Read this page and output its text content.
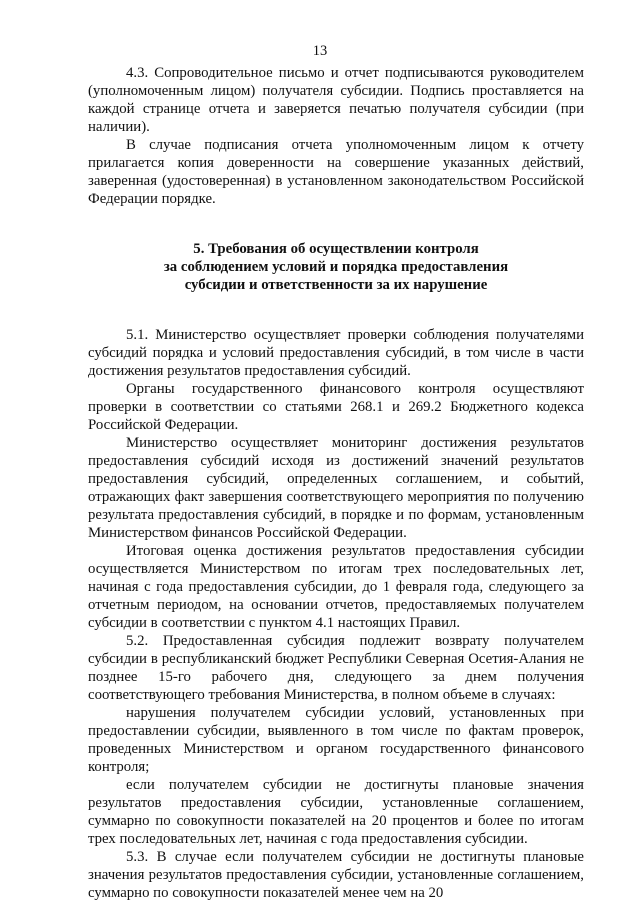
13

4.3. Сопроводительное письмо и отчет подписываются руководителем (уполномоченным лицом) получателя субсидии. Подпись проставляется на каждой странице отчета и заверяется печатью получателя субсидии (при наличии).

В случае подписания отчета уполномоченным лицом к отчету прилагается копия доверенности на совершение указанных действий, заверенная (удостоверенная) в установленном законодательством Российской Федерации порядке.

5. Требования об осуществлении контроля
за соблюдением условий и порядка предоставления
субсидии и ответственности за их нарушение

5.1. Министерство осуществляет проверки соблюдения получателями субсидий порядка и условий предоставления субсидий, в том числе в части достижения результатов предоставления субсидий.

Органы государственного финансового контроля осуществляют проверки в соответствии со статьями 268.1 и 269.2 Бюджетного кодекса Российской Федерации.

Министерство осуществляет мониторинг достижения результатов предоставления субсидий исходя из достижений значений результатов предоставления субсидий, определенных соглашением, и событий, отражающих факт завершения соответствующего мероприятия по получению результата предоставления субсидий, в порядке и по формам, установленным Министерством финансов Российской Федерации.

Итоговая оценка достижения результатов предоставления субсидии осуществляется Министерством по итогам трех последовательных лет, начиная с года предоставления субсидии, до 1 февраля года, следующего за отчетным периодом, на основании отчетов, предоставляемых получателем субсидии в соответствии с пунктом 4.1 настоящих Правил.

5.2. Предоставленная субсидия подлежит возврату получателем субсидии в республиканский бюджет Республики Северная Осетия-Алания не позднее 15-го рабочего дня, следующего за днем получения соответствующего требования Министерства, в полном объеме в случаях:

нарушения получателем субсидии условий, установленных при предоставлении субсидии, выявленного в том числе по фактам проверок, проведенных Министерством и органом государственного финансового контроля;

если получателем субсидии не достигнуты плановые значения результатов предоставления субсидии, установленные соглашением, суммарно по совокупности показателей на 20 процентов и более по итогам трех последовательных лет, начиная с года предоставления субсидии.

5.3. В случае если получателем субсидии не достигнуты плановые значения результатов предоставления субсидии, установленные соглашением, суммарно по совокупности показателей менее чем на 20
